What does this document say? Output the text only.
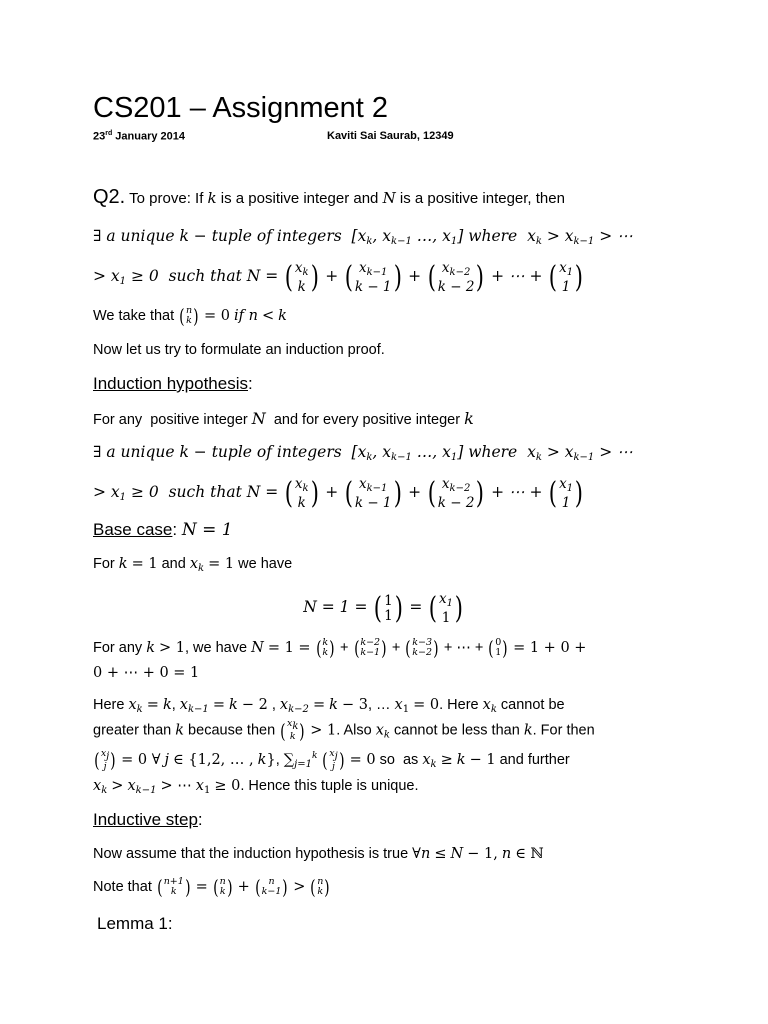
CS201 – Assignment 2
23rd January 2014	Kaviti Sai Saurab, 12349
Q2. To prove: If k is a positive integer and N is a positive integer, then
∃ a unique k − tuple of integers  [$x_k$, $x_{k-1}$ …, $x_1$] where  $x_k > x_{k-1}$ > ⋯
> $x_1 \ge 0$  such that N = ( $x_k$
k ) + ( $x_{k-1}$
k − 1) + ( $x_{k-2}$
k − 2) + ⋯ + ( $x_1$
1 )
We take that (n
k) = 0 if n < k
Now let us try to formulate an induction proof.
Induction hypothesis:
For any  positive integer N  and for every positive integer k
∃ a unique k − tuple of integers  [$x_k$, $x_{k-1}$ …, $x_1$] where  $x_k > x_{k-1}$ > ⋯
> $x_1 \ge 0$  such that N = ( $x_k$
k ) + ( $x_{k-1}$
k − 1) + ( $x_{k-2}$
k − 2) + ⋯ + ( $x_1$
1 )
Base case: N = 1
For k = 1 and $x_k = 1$ we have
N = 1 = ( 1
1) = ( $x_1$
1 )
For any k > 1, we have N = 1 = (k
k) + (k−2
k−1) + (k−3
k−2) + ⋯ + (0
1) = 1 + 0 +
0 + ⋯ + 0 = 1
Here $x_k = k$, $x_{k-1} = k - 2$ , $x_{k-2} = k - 3$, … $x_1 = 0$. Here $x_k$ cannot be
greater than k because then ($x_k$
k ) > 1. Also $x_k$ cannot be less than k. For then
($x_j$
j ) = 0 ∀ j ∈ {1,2, … , k}, $\sum_{j=1}^k$ ($x_j$
j ) = 0 so  as $x_k \ge k - 1$ and further
$x_k > x_{k-1}$ > ⋯ $x_1 \ge 0$. Hence this tuple is unique.
Inductive step:
Now assume that the induction hypothesis is true ∀n ≤ N − 1, n ∈ ℕ
Note that (n+1
k ) = (n
k) + ( n
k−1) > (n
k)
Lemma 1:
